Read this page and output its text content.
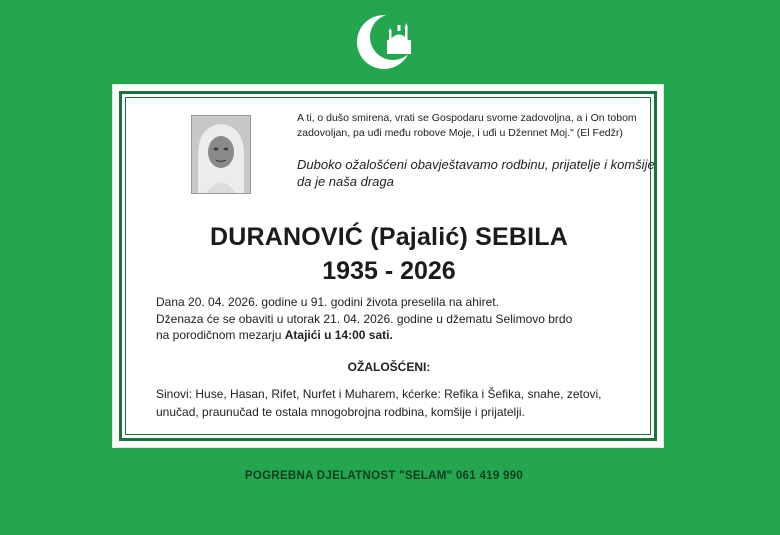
A ti, o dušo smirena, vrati se Gospodaru svome zadovoljna, a i On tobom zadovoljan, pa uđi među robove Moje, i uđi u Džennet Moj." (El Fedžr)
Duboko ožalošćeni obavještavamo rodbinu, prijatelje i komšije da je naša draga
DURANOVIĆ (Pajalić) SEBILA
1935 - 2026
Dana 20. 04. 2026. godine u 91. godini života preselila na ahiret.
Dženaza će se obaviti u utorak 21. 04. 2026. godine u džematu Selimovo brdo
na porodičnom mezarju Atajići u 14:00 sati.
OŽALOŠĆENI:
Sinovi: Huse, Hasan, Rifet, Nurfet i Muharem, kćerke: Refika i Šefika, snahe, zetovi, unučad, praunučad te ostala mnogobrojna rodbina, komšije i prijatelji.
POGREBNA DJELATNOST "SELAM" 061 419 990
